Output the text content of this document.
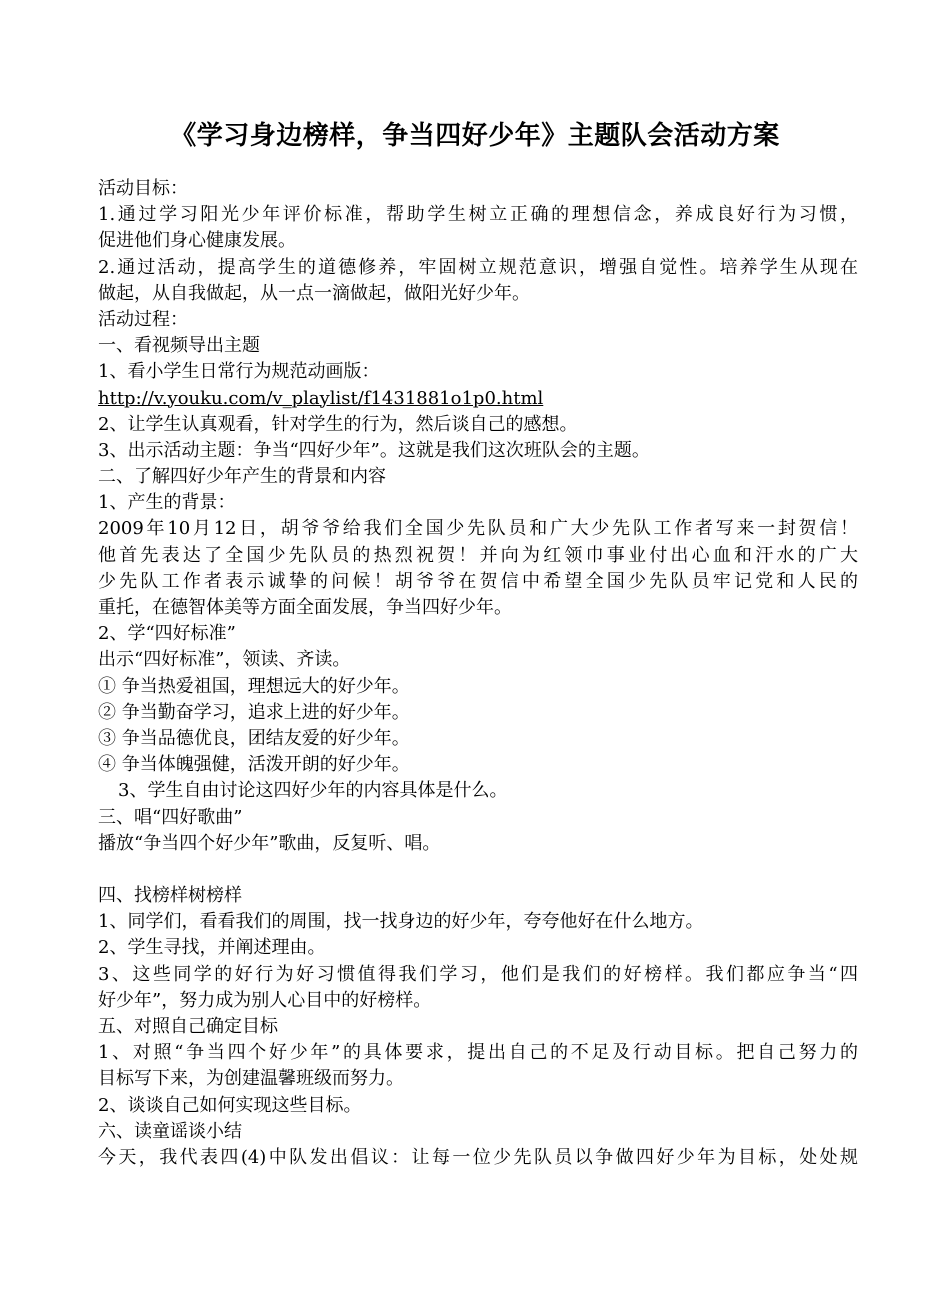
《学习身边榜样，争当四好少年》主题队会活动方案
活动目标：
1.通过学习阳光少年评价标准，帮助学生树立正确的理想信念，养成良好行为习惯，
促进他们身心健康发展。
2.通过活动，提高学生的道德修养，牢固树立规范意识，增强自觉性。培养学生从现在
做起，从自我做起，从一点一滴做起，做阳光好少年。
活动过程：
一、看视频导出主题
1、看小学生日常行为规范动画版：
http://v.youku.com/v_playlist/f1431881o1p0.html
2、让学生认真观看，针对学生的行为，然后谈自己的感想。
3、出示活动主题：争当“四好少年”。这就是我们这次班队会的主题。
二、了解四好少年产生的背景和内容
1、产生的背景：
2009年10月12日，胡爷爷给我们全国少先队员和广大少先队工作者写来一封贺信！
他首先表达了全国少先队员的热烈祝贺！并向为红领巾事业付出心血和汗水的广大
少先队工作者表示诚挚的问候！胡爷爷在贺信中希望全国少先队员牢记党和人民的
重托，在德智体美等方面全面发展，争当四好少年。
2、学“四好标准”
出示“四好标准”，领读、齐读。
① 争当热爱祖国，理想远大的好少年。
② 争当勤奋学习，追求上进的好少年。
③ 争当品德优良，团结友爱的好少年。
④ 争当体魄强健，活泼开朗的好少年。
3、学生自由讨论这四好少年的内容具体是什么。
三、唱“四好歌曲”
播放“争当四个好少年”歌曲，反复听、唱。
四、找榜样树榜样
1、同学们，看看我们的周围，找一找身边的好少年，夸夸他好在什么地方。
2、学生寻找，并阐述理由。
3、这些同学的好行为好习惯值得我们学习，他们是我们的好榜样。我们都应争当“四
好少年”，努力成为别人心目中的好榜样。
五、对照自己确定目标
1、对照“争当四个好少年”的具体要求，提出自己的不足及行动目标。把自己努力的
目标写下来，为创建温馨班级而努力。
2、谈谈自己如何实现这些目标。
六、读童谣谈小结
今天，我代表四(4)中队发出倡议：让每一位少先队员以争做四好少年为目标，处处规
